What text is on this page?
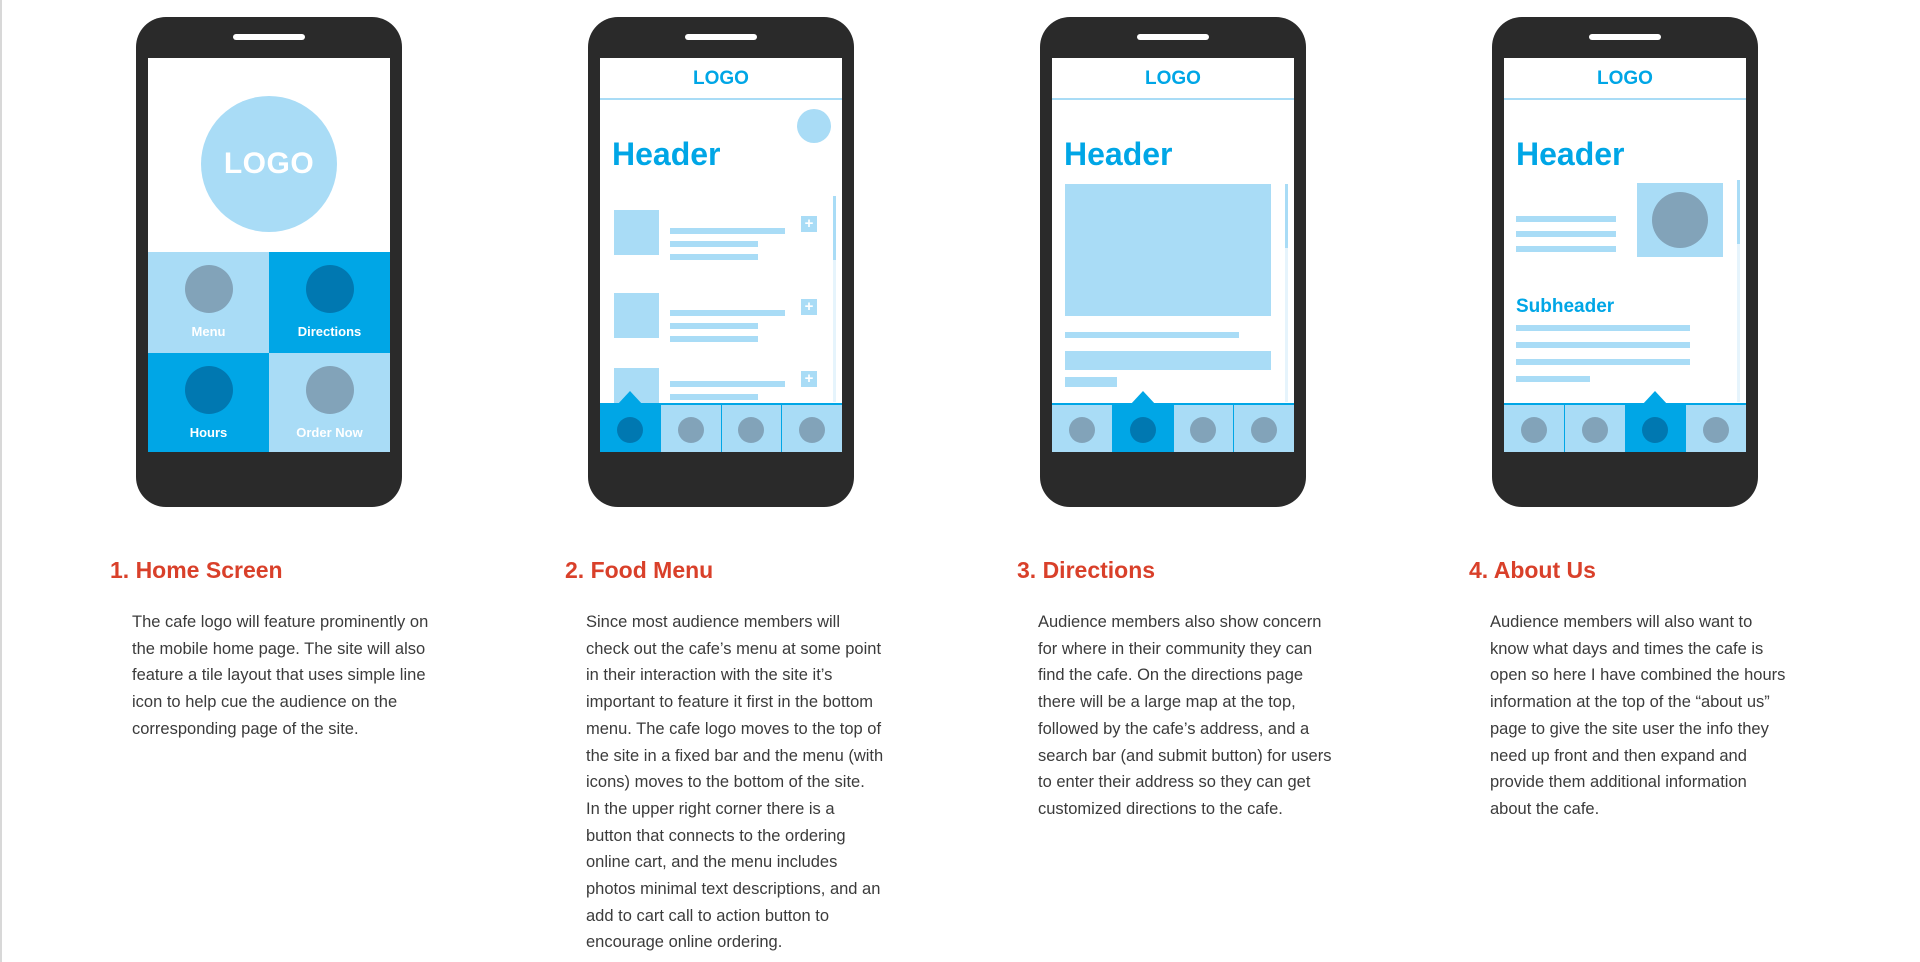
LOGO
Menu	Directions
Hours	Order Now
LOGO
Header
+
+
+
LOGO
Header
LOGO
Header
Subheader
1. Home Screen
The cafe logo will feature prominently on
the mobile home page. The site will also
feature a tile layout that uses simple line
icon to help cue the audience on the
corresponding page of the site.
2. Food Menu
Since most audience members will
check out the cafe’s menu at some point
in their interaction with the site it’s
important to feature it first in the bottom
menu. The cafe logo moves to the top of
the site in a fixed bar and the menu (with
icons) moves to the bottom of the site.
In the upper right corner there is a
button that connects to the ordering
online cart, and the menu includes
photos minimal text descriptions, and an
add to cart call to action button to
encourage online ordering.
3. Directions
Audience members also show concern
for where in their community they can
find the cafe. On the directions page
there will be a large map at the top,
followed by the cafe’s address, and a
search bar (and submit button) for users
to enter their address so they can get
customized directions to the cafe.
4. About Us
Audience members will also want to
know what days and times the cafe is
open so here I have combined the hours
information at the top of the “about us”
page to give the site user the info they
need up front and then expand and
provide them additional information
about the cafe.
